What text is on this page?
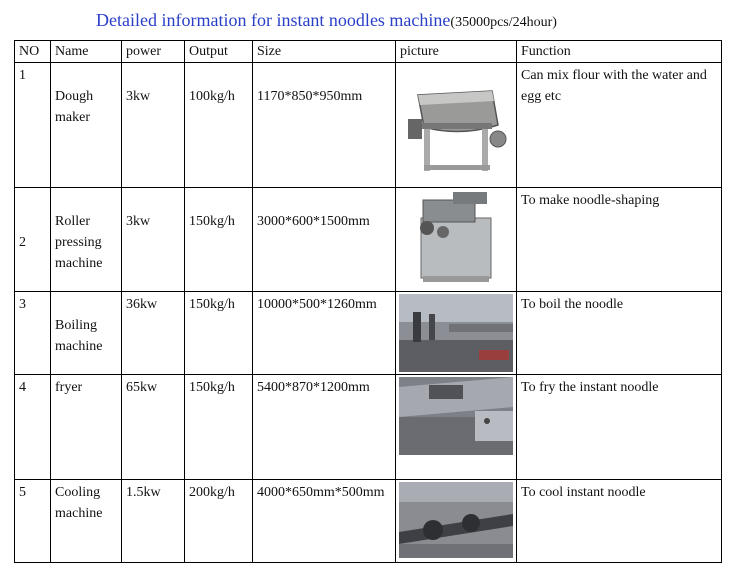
Detailed information for instant noodles machine(35000pcs/24hour)
NO	Name	power	Output	Size	picture	Function
1	Dough maker	3kw	100kg/h	1170*850*950mm		Can mix flour with the water and egg etc

2	Roller pressing machine	3kw	150kg/h	3000*600*1500mm		To make noodle-shaping
3	Boiling machine	36kw	150kg/h	10000*500*1260mm		To boil the noodle
4	fryer	65kw	150kg/h	5400*870*1200mm		To fry the instant noodle
5	Cooling machine	1.5kw	200kg/h	4000*650mm*500mm		To cool instant noodle
